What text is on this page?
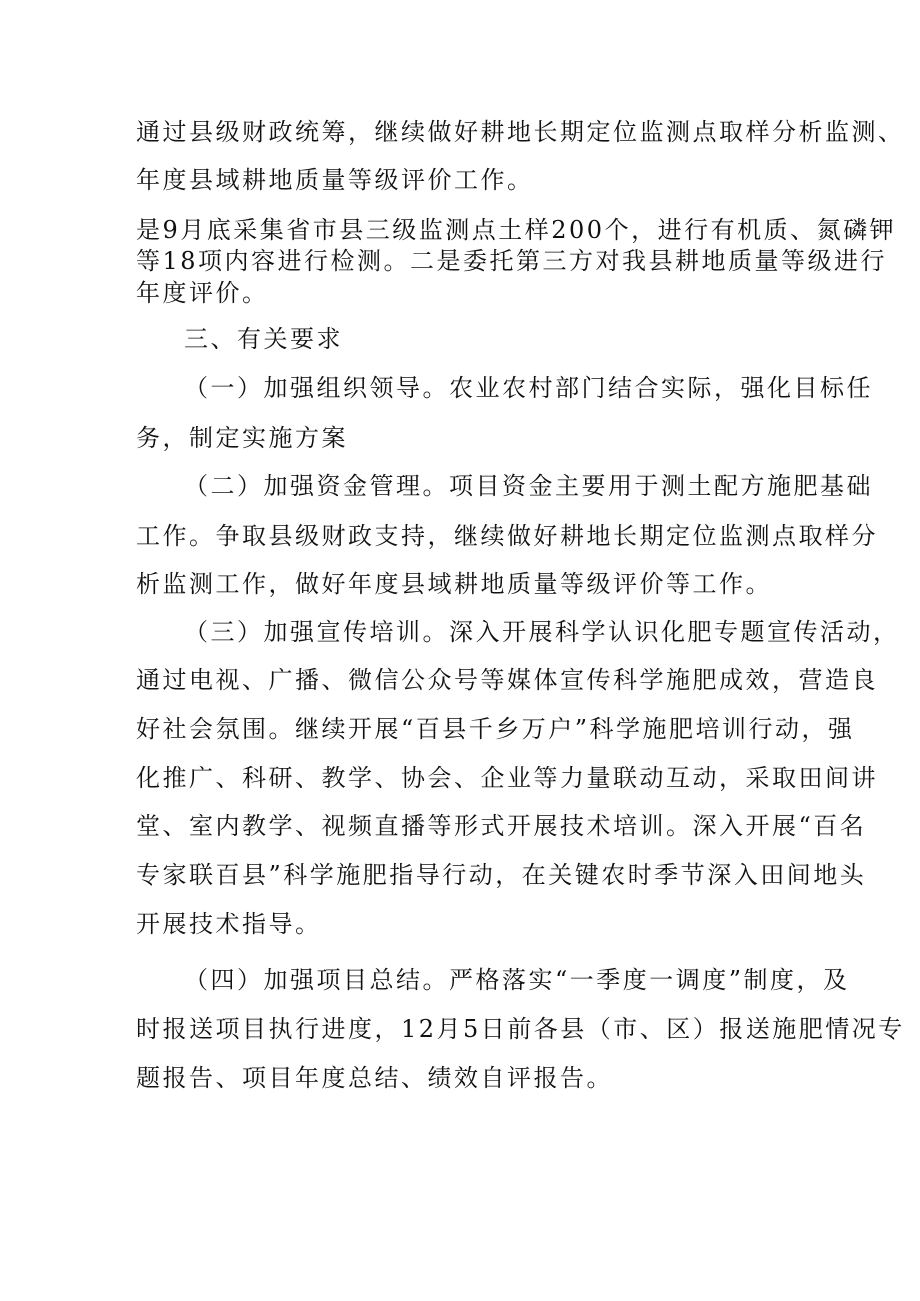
通过县级财政统筹，继续做好耕地长期定位监测点取样分析监测、
年度县域耕地质量等级评价工作。
是9月底采集省市县三级监测点土样200个，进行有机质、氮磷钾
等18项内容进行检测。二是委托第三方对我县耕地质量等级进行
年度评价。
三、有关要求
（一）加强组织领导。农业农村部门结合实际，强化目标任
务，制定实施方案
（二）加强资金管理。项目资金主要用于测土配方施肥基础
工作。争取县级财政支持，继续做好耕地长期定位监测点取样分
析监测工作，做好年度县域耕地质量等级评价等工作。
（三）加强宣传培训。深入开展科学认识化肥专题宣传活动，
通过电视、广播、微信公众号等媒体宣传科学施肥成效，营造良
好社会氛围。继续开展“百县千乡万户”科学施肥培训行动，强
化推广、科研、教学、协会、企业等力量联动互动，采取田间讲
堂、室内教学、视频直播等形式开展技术培训。深入开展“百名
专家联百县”科学施肥指导行动，在关键农时季节深入田间地头
开展技术指导。
（四）加强项目总结。严格落实“一季度一调度”制度，及
时报送项目执行进度，12月5日前各县（市、区）报送施肥情况专
题报告、项目年度总结、绩效自评报告。
